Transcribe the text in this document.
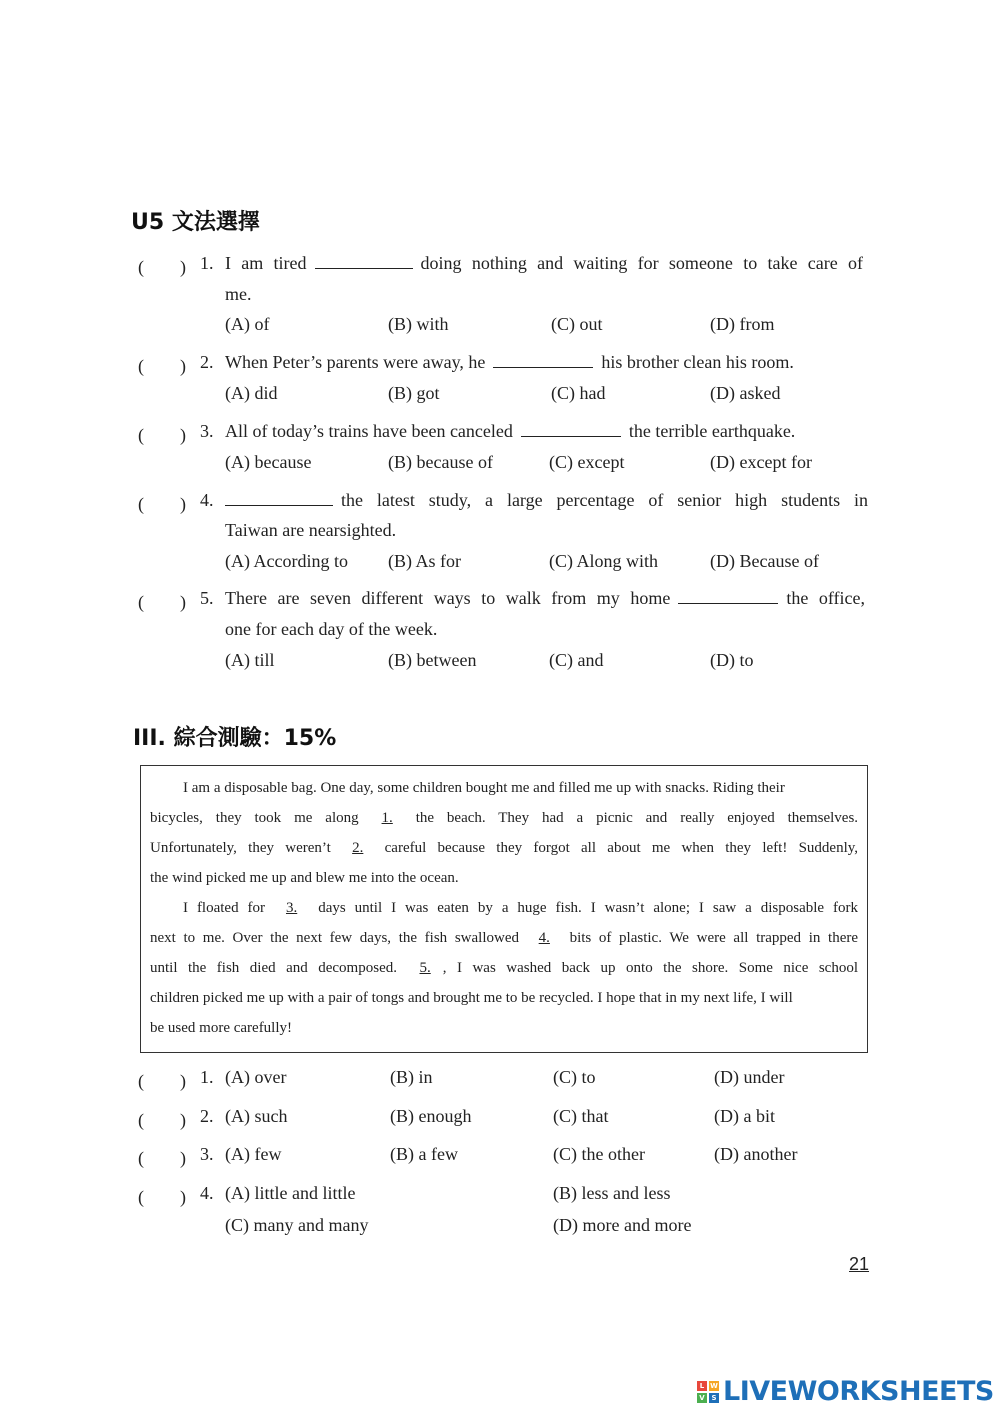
U5 文法選擇
(　　) 1. I am tired	doing nothing and waiting for someone to take care of
me.
(A) of	(B) with	(C) out	(D) from
(　　) 2. When Peter’s parents were away, he	his brother clean his room.
(A) did	(B) got	(C) had	(D) asked
(　　) 3. All of today’s trains have been canceled	the terrible earthquake.
(A) because	(B) because of	(C) except	(D) except for
(　　) 4.	the latest study, a large percentage of senior high students in
Taiwan are nearsighted.
(A) According to (B) As for	(C) Along with	(D) Because of
(　　) 5. There are seven different ways to walk from my home	the office,
one for each day of the week.
(A) till	(B) between	(C) and	(D) to
III. 綜合測驗：15%
I am a disposable bag. One day, some children bought me and filled me up with snacks. Riding their
bicycles, they took me along 1. the beach. They had a picnic and really enjoyed themselves.
Unfortunately, they weren’t 2. careful because they forgot all about me when they left! Suddenly,
the wind picked me up and blew me into the ocean.
I floated for 3. days until I was eaten by a huge fish. I wasn’t alone; I saw a disposable fork
next to me. Over the next few days, the fish swallowed 4. bits of plastic. We were all trapped in there
until the fish died and decomposed. 5. , I was washed back up onto the shore. Some nice school
children picked me up with a pair of tongs and brought me to be recycled. I hope that in my next life, I will
be used more carefully!
(　　) 1. (A) over	(B) in	(C) to	(D) under
(　　) 2. (A) such	(B) enough	(C) that	(D) a bit
(　　) 3. (A) few	(B) a few	(C) the other	(D) another
(　　) 4. (A) little and little	(B) less and less
(C) many and many	(D) more and more
21
L W
V S LIVEWORKSHEETS
